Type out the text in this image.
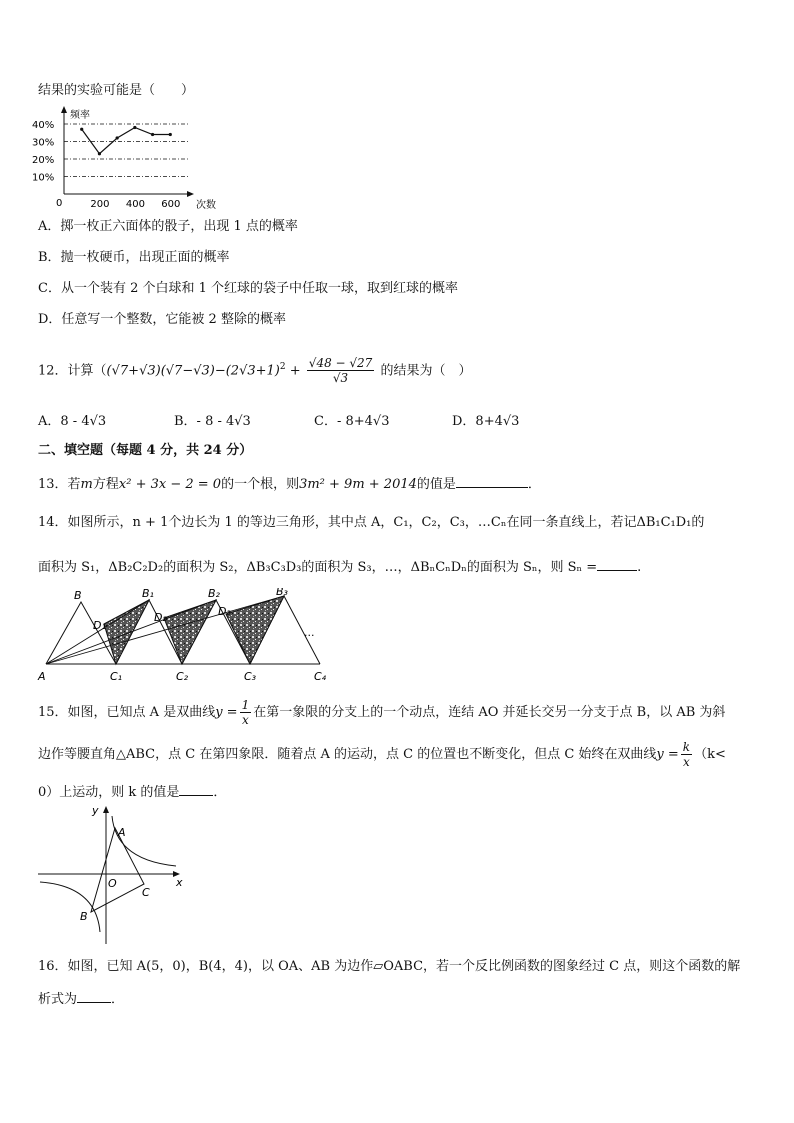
结果的实验可能是（　　）
频率
次数
0
10%
20%
30%
40%
200 400 600
A．掷一枚正六面体的骰子，出现 1 点的概率
B．抛一枚硬币，出现正面的概率
C．从一个装有 2 个白球和 1 个红球的袋子中任取一球，取到红球的概率
D．任意写一个整数，它能被 2 整除的概率
12．计算（$(√7+√3)(√7-√3)-(2√3+1)^2 + \frac{√48 - √27}{√3}$ 的结果为（　）
A．8 - 4√3	B．- 8 - 4√3	C．- 8+4√3	D．8+4√3
二、填空题（每题 4 分，共 24 分）
13．若m方程x² + 3x − 2 = 0的一个根，则3m² + 9m + 2014的值是	．
14．如图所示，n + 1个边长为 1 的等边三角形，其中点 A，C₁，C₂，C₃，…Cₙ在同一条直线上，若记ΔB₁C₁D₁的
面积为 S₁，ΔB₂C₂D₂的面积为 S₂，ΔB₃C₃D₃的面积为 S₃，…，ΔBₙCₙDₙ的面积为 Sₙ，则 Sₙ =	.
B	B₁	B₂	B₃
D₁
D₂	D₃
A	C₁	C₂	C₃	C₄
...
15．如图，已知点 A 是双曲线$y = \frac{1}{x}$ 在第一象限的分支上的一个动点，连结 AO 并延长交另一分支于点 B，以 AB 为斜
边作等腰直角△ABC，点 C 在第四象限．随着点 A 的运动，点 C 的位置也不断变化，但点 C 始终在双曲线$y = \frac{k}{x} (k<$
0）上运动，则 k 的值是	．
x
y
O
A
B
C
16．如图，已知 A(5，0)，B(4，4)，以 OA、AB 为边作▱OABC，若一个反比例函数的图象经过 C 点，则这个函数的解
析式为	．
